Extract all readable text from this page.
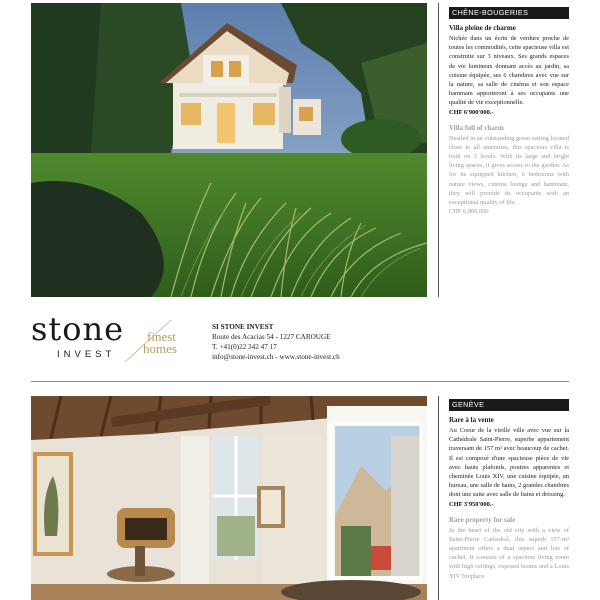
CHÊNE-BOUGERIES
Villa pleine de charme
Nichée dans un écrin de verdure proche de toutes les commodités, cette spacieuse villa est construite sur 3 niveaux. Ses grands espaces de vie lumineux donnant accès au jardin, sa cuisine équipée, ses 6 chambres avec vue sur la nature, sa salle de cinéma et son espace hammam apporteront à ses occupants une qualité de vie exceptionnelle.
CHF 6'900'000.-
Villa full of charm
Nestled in an outstanding green setting located close to all amenities, this spacious villa is built on 3 levels. With its large and bright living spaces, it gives access to the garden. As for its equipped kitchen, 6 bedrooms with nature views, cinema lounge and hammam, they will provide its occupants with an exceptional quality of life.
CHF 6,900,000
stone
INVEST
finest
homes
SI STONE INVEST
Route des Acacias 54 - 1227 CAROUGE
T. +41(0)22 342 47 17
info@stone-invest.ch - www.stone-invest.ch
GENÈVE
Rare à la vente
Au Coeur de la vieille ville avec vue sur la Cathédrale Saint-Pierre, superbe appartement traversant de 157 m² avec beaucoup de cachet. Il est composé d'une spacieuse pièce de vie avec hauts plafonds, poutres apparentes et cheminée Louis XIV, une cuisine équipée, un bureau, une salle de bains, 2 grandes chambres dont une suite avec salle de bains et dressing.
CHF 3'950'000.-
Rare property for sale
In the heart of the old city with a view of Saint-Pierre Cathedral, this superb 157-m² apartment offers a dual aspect and lots of cachet. It consists of a spacious living room with high ceilings, exposed beams and a Louis XIV fireplace
